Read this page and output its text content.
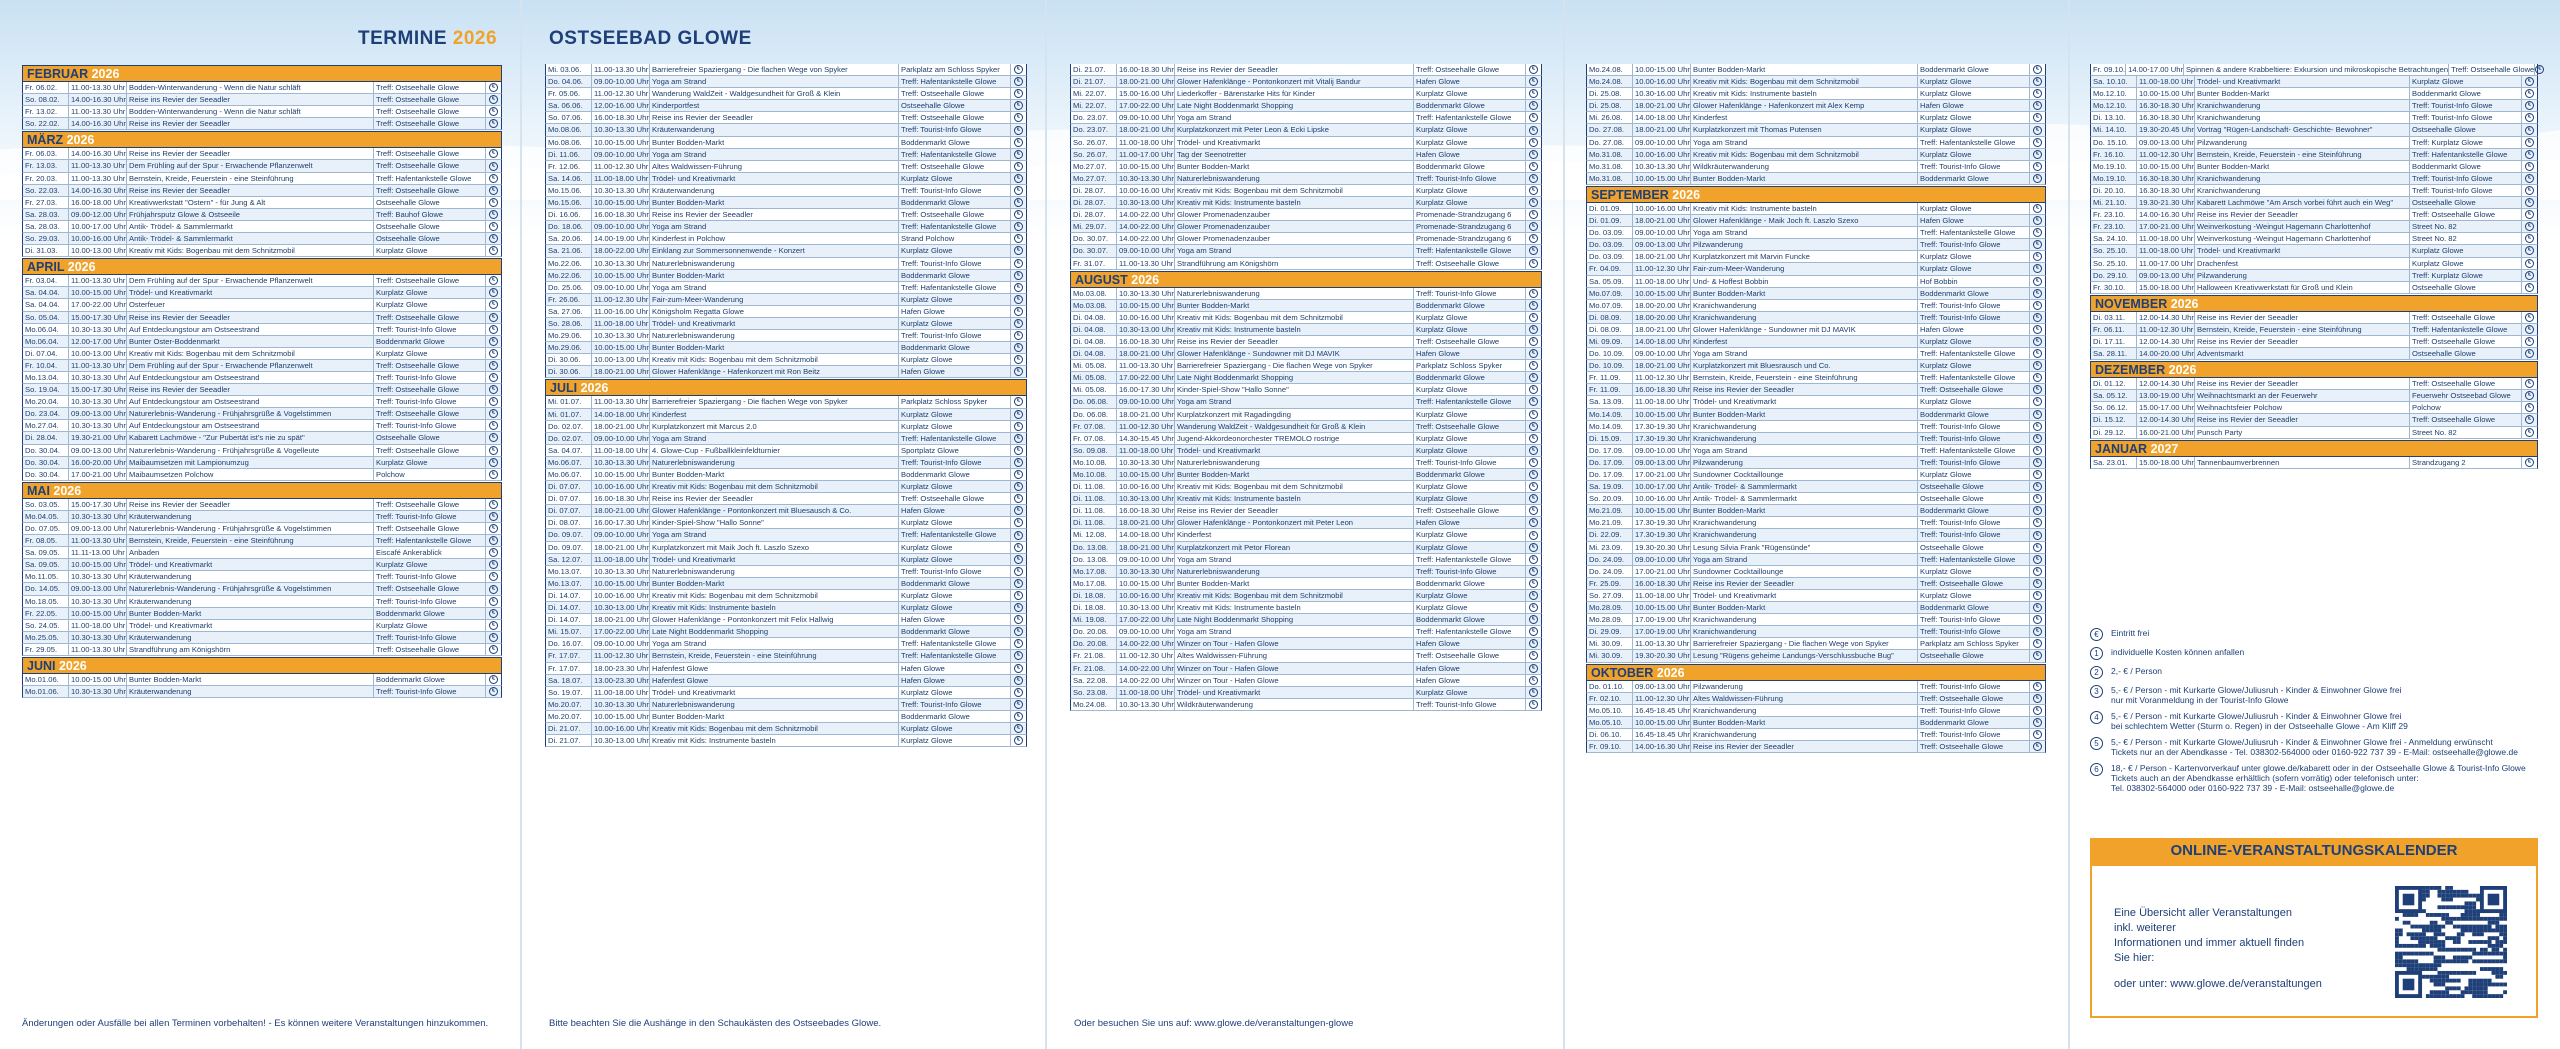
TERMINE 2026
FEBRUAR 2026
Fr. 06.02.	11.00-13.30 Uhr Bodden-Winterwanderung - Wenn die Natur schläft	Treff: Ostseehalle Glowe	€
So. 08.02.	14.00-16.30 Uhr Reise ins Revier der Seeadler	Treff: Ostseehalle Glowe	€
Fr. 13.02.	11.00-13.30 Uhr Bodden-Winterwanderung - Wenn die Natur schläft	Treff: Ostseehalle Glowe	€
So. 22.02.	14.00-16.30 Uhr Reise ins Revier der Seeadler	Treff: Ostseehalle Glowe	€
MÄRZ 2026
Fr. 06.03.	14.00-16.30 Uhr Reise ins Revier der Seeadler	Treff: Ostseehalle Glowe	€
Fr. 13.03.	11.00-13.30 Uhr Dem Frühling auf der Spur - Erwachende Pflanzenwelt	Treff: Ostseehalle Glowe	€
Fr. 20.03.	11.00-13.30 Uhr Bernstein, Kreide, Feuerstein - eine Steinführung	Treff: Hafentankstelle Glowe	€
So. 22.03.	14.00-16.30 Uhr Reise ins Revier der Seeadler	Treff: Ostseehalle Glowe	€
Fr. 27.03.	16.00-18.00 Uhr Kreativwerkstatt "Ostern" - für Jung & Alt	Ostseehalle Glowe	€
Sa. 28.03.	09.00-12.00 Uhr Frühjahrsputz Glowe & Ostseeile	Treff: Bauhof Glowe	€
Sa. 28.03.	10.00-17.00 Uhr Antik- Trödel- & Sammlermarkt	Ostseehalle Glowe	€
So. 29.03.	10.00-16.00 Uhr Antik- Trödel- & Sammlermarkt	Ostseehalle Glowe	€
Di. 31.03.	10.00-13.00 Uhr Kreativ mit Kids: Bogenbau mit dem Schnitzmobil	Kurplatz Glowe	€
APRIL 2026
Fr. 03.04.	11.00-13.30 Uhr Dem Frühling auf der Spur - Erwachende Pflanzenwelt	Treff: Ostseehalle Glowe	€
Sa. 04.04.	10.00-15.00 Uhr Trödel- und Kreativmarkt	Kurplatz Glowe	€
Sa. 04.04.	17.00-22.00 Uhr Osterfeuer	Kurplatz Glowe	€
So. 05.04.	15.00-17.30 Uhr Reise ins Revier der Seeadler	Treff: Ostseehalle Glowe	€
Mo.06.04.	10.30-13.30 Uhr Auf Entdeckungstour am Ostseestrand	Treff: Tourist-Info Glowe	€
Mo.06.04.	12.00-17.00 Uhr Bunter Oster-Boddenmarkt	Boddenmarkt Glowe	€
Di. 07.04.	10.00-13.00 Uhr Kreativ mit Kids: Bogenbau mit dem Schnitzmobil	Kurplatz Glowe	€
Fr. 10.04.	11.00-13.30 Uhr Dem Frühling auf der Spur - Erwachende Pflanzenwelt	Treff: Ostseehalle Glowe	€
Mo.13.04.	10.30-13.30 Uhr Auf Entdeckungstour am Ostseestrand	Treff: Tourist-Info Glowe	€
So. 19.04.	15.00-17.30 Uhr Reise ins Revier der Seeadler	Treff: Ostseehalle Glowe	€
Mo.20.04.	10.30-13.30 Uhr Auf Entdeckungstour am Ostseestrand	Treff: Tourist-Info Glowe	€
Do. 23.04.	09.00-13.00 Uhr Naturerlebnis-Wanderung - Frühjahrsgrüße & Vogelstimmen	Treff: Ostseehalle Glowe	€
Mo.27.04.	10.30-13.30 Uhr Auf Entdeckungstour am Ostseestrand	Treff: Tourist-Info Glowe	€
Di. 28.04.	19.30-21.00 Uhr Kabarett Lachmöwe - "Zur Pubertät ist's nie zu spät"	Ostseehalle Glowe	€
Do. 30.04.	09.00-13.00 Uhr Naturerlebnis-Wanderung - Frühjahrsgrüße & Vogelleute	Treff: Ostseehalle Glowe	€
Do. 30.04.	16.00-20.00 Uhr Maibaumsetzen mit Lampionumzug	Kurplatz Glowe	€
Do. 30.04.	17.00-21.00 Uhr Maibaumsetzen Polchow	Polchow	€
MAI 2026
So. 03.05.	15.00-17.30 Uhr Reise ins Revier der Seeadler	Treff: Ostseehalle Glowe	€
Mo.04.05.	10.30-13.30 Uhr Kräuterwanderung	Treff: Tourist-Info Glowe	€
Do. 07.05.	09.00-13.00 Uhr Naturerlebnis-Wanderung - Frühjahrsgrüße & Vogelstimmen	Treff: Ostseehalle Glowe	€
Fr. 08.05.	11.00-13.30 Uhr Bernstein, Kreide, Feuerstein - eine Steinführung	Treff: Hafentankstelle Glowe	€
Sa. 09.05.	11.11-13.00 Uhr Anbaden	Eiscafé Ankerablick	€
Sa. 09.05.	10.00-15.00 Uhr Trödel- und Kreativmarkt	Kurplatz Glowe	€
Mo.11.05.	10.30-13.30 Uhr Kräuterwanderung	Treff: Tourist-Info Glowe	€
Do. 14.05.	09.00-13.00 Uhr Naturerlebnis-Wanderung - Frühjahrsgrüße & Vogelstimmen	Treff: Ostseehalle Glowe	€
Mo.18.05.	10.30-13.30 Uhr Kräuterwanderung	Treff: Tourist-Info Glowe	€
Fr. 22.05.	10.00-15.00 Uhr Bunter Bodden-Markt	Boddenmarkt Glowe	€
So. 24.05.	11.00-18.00 Uhr Trödel- und Kreativmarkt	Kurplatz Glowe	€
Mo.25.05.	10.30-13.30 Uhr Kräuterwanderung	Treff: Tourist-Info Glowe	€
Fr. 29.05.	11.00-13.30 Uhr Strandführung am Königshörn	Treff: Ostseehalle Glowe	€
JUNI 2026
Mo.01.06.	10.00-15.00 Uhr Bunter Bodden-Markt	Boddenmarkt Glowe	€
Mo.01.06.	10.30-13.30 Uhr Kräuterwanderung	Treff: Tourist-Info Glowe	€
Änderungen oder Ausfälle bei allen Terminen vorbehalten! - Es können weitere Veranstaltungen hinzukommen.
OSTSEEBAD GLOWE
Mi. 03.06.	11.00-13.30 Uhr Barrierefreier Spaziergang - Die flachen Wege von Spyker	Parkplatz am Schloss Spyker	€
Do. 04.06.	09.00-10.00 Uhr Yoga am Strand	Treff: Hafentankstelle Glowe	€
Fr. 05.06.	11.00-12.30 Uhr Wanderung WaldZeit - Waldgesundheit für Groß & Klein	Treff: Ostseehalle Glowe	€
Sa. 06.06.	12.00-16.00 Uhr Kinderportfest	Ostseehalle Glowe	€
So. 07.06.	16.00-18.30 Uhr Reise ins Revier der Seeadler	Treff: Ostseehalle Glowe	€
Mo.08.06.	10.30-13.30 Uhr Kräuterwanderung	Treff: Tourist-Info Glowe	€
Mo.08.06.	10.00-15.00 Uhr Bunter Bodden-Markt	Boddenmarkt Glowe	€
Di. 11.06.	09.00-10.00 Uhr Yoga am Strand	Treff: Hafentankstelle Glowe	€
Fr. 12.06.	11.00-12.30 Uhr Altes Waldwissen-Führung	Treff: Ostseehalle Glowe	€
Sa. 14.06.	11.00-18.00 Uhr Trödel- und Kreativmarkt	Kurplatz Glowe	€
Mo.15.06.	10.30-13.30 Uhr Kräuterwanderung	Treff: Tourist-Info Glowe	€
Mo.15.06.	10.00-15.00 Uhr Bunter Bodden-Markt	Boddenmarkt Glowe	€
Di. 16.06.	16.00-18.30 Uhr Reise ins Revier der Seeadler	Treff: Ostseehalle Glowe	€
Do. 18.06.	09.00-10.00 Uhr Yoga am Strand	Treff: Hafentankstelle Glowe	€
Sa. 20.06.	14.00-19.00 Uhr Kinderfest in Polchow	Strand Polchow	€
Sa. 21.06.	18.00-22.00 Uhr Einklang zur Sommersonnenwende - Konzert	Kurplatz Glowe	€
Mo.22.06.	10.30-13.30 Uhr Naturerlebniswanderung	Treff: Tourist-Info Glowe	€
Mo.22.06.	10.00-15.00 Uhr Bunter Bodden-Markt	Boddenmarkt Glowe	€
Do. 25.06.	09.00-10.00 Uhr Yoga am Strand	Treff: Hafentankstelle Glowe	€
Fr. 26.06.	11.00-12.30 Uhr Fair-zum-Meer-Wanderung	Kurplatz Glowe	€
Sa. 27.06.	11.00-16.00 Uhr Königsholm Regatta Glowe	Hafen Glowe	€
So. 28.06.	11.00-18.00 Uhr Trödel- und Kreativmarkt	Kurplatz Glowe	€
Mo.29.06.	10.30-13.30 Uhr Naturerlebniswanderung	Treff: Tourist-Info Glowe	€
Mo.29.06.	10.00-15.00 Uhr Bunter Bodden-Markt	Boddenmarkt Glowe	€
Di. 30.06.	10.00-13.00 Uhr Kreativ mit Kids: Bogenbau mit dem Schnitzmobil	Kurplatz Glowe	€
Di. 30.06.	18.00-21.00 Uhr Glower Hafenklänge - Hafenkonzert mit Ron Beitz	Hafen Glowe	€
JULI 2026
Mi. 01.07.	11.00-13.30 Uhr Barrierefreier Spaziergang - Die flachen Wege von Spyker	Parkplatz Schloss Spyker	€
Mi. 01.07.	14.00-18.00 Uhr Kinderfest	Kurplatz Glowe	€
Do. 02.07.	18.00-21.00 Uhr Kurplatzkonzert mit Marcus 2.0	Kurplatz Glowe	€
Do. 02.07.	09.00-10.00 Uhr Yoga am Strand	Treff: Hafentankstelle Glowe	€
Sa. 04.07.	11.00-18.00 Uhr 4. Glowe-Cup - Fußballkleinfeldturnier	Sportplatz Glowe	€
Mo.06.07.	10.30-13.30 Uhr Naturerlebniswanderung	Treff: Tourist-Info Glowe	€
Mo.06.07.	10.00-15.00 Uhr Bunter Bodden-Markt	Boddenmarkt Glowe	€
Di. 07.07.	10.00-16.00 Uhr Kreativ mit Kids: Bogenbau mit dem Schnitzmobil	Kurplatz Glowe	€
Di. 07.07.	16.00-18.30 Uhr Reise ins Revier der Seeadler	Treff: Ostseehalle Glowe	€
Di. 07.07.	18.00-21.00 Uhr Glower Hafenklänge - Pontonkonzert mit Bluesausch & Co.	Hafen Glowe	€
Di. 08.07.	16.00-17.30 Uhr Kinder-Spiel-Show "Hallo Sonne"	Kurplatz Glowe	€
Do. 09.07.	09.00-10.00 Uhr Yoga am Strand	Treff: Hafentankstelle Glowe	€
Do. 09.07.	18.00-21.00 Uhr Kurplatzkonzert mit Maik Joch ft. Laszlo Szexo	Kurplatz Glowe	€
Sa. 12.07.	11.00-18.00 Uhr Trödel- und Kreativmarkt	Kurplatz Glowe	€
Mo.13.07.	10.30-13.30 Uhr Naturerlebniswanderung	Treff: Tourist-Info Glowe	€
Mo.13.07.	10.00-15.00 Uhr Bunter Bodden-Markt	Boddenmarkt Glowe	€
Di. 14.07.	10.00-16.00 Uhr Kreativ mit Kids: Bogenbau mit dem Schnitzmobil	Kurplatz Glowe	€
Di. 14.07.	10.30-13.00 Uhr Kreativ mit Kids: Instrumente basteln	Kurplatz Glowe	€
Di. 14.07.	18.00-21.00 Uhr Glower Hafenklänge - Pontonkonzert mit Felix Hallwig	Hafen Glowe	€
Mi. 15.07.	17.00-22.00 Uhr Late Night Boddenmarkt Shopping	Boddenmarkt Glowe	€
Do. 16.07.	09.00-10.00 Uhr Yoga am Strand	Treff: Hafentankstelle Glowe	€
Fr. 17.07.	11.00-12.30 Uhr Bernstein, Kreide, Feuerstein - eine Steinführung	Treff: Hafentankstelle Glowe	€
Fr. 17.07.	18.00-23.30 Uhr Hafenfest Glowe	Hafen Glowe	€
Sa. 18.07.	13.00-23.30 Uhr Hafenfest Glowe	Hafen Glowe	€
So. 19.07.	11.00-18.00 Uhr Trödel- und Kreativmarkt	Kurplatz Glowe	€
Mo.20.07.	10.30-13.30 Uhr Naturerlebniswanderung	Treff: Tourist-Info Glowe	€
Mo.20.07.	10.00-15.00 Uhr Bunter Bodden-Markt	Boddenmarkt Glowe	€
Di. 21.07.	10.00-16.00 Uhr Kreativ mit Kids: Bogenbau mit dem Schnitzmobil	Kurplatz Glowe	€
Di. 21.07.	10.30-13.00 Uhr Kreativ mit Kids: Instrumente basteln	Kurplatz Glowe	€
Bitte beachten Sie die Aushänge in den Schaukästen des Ostseebades Glowe.
Di. 21.07.	16.00-18.30 Uhr Reise ins Revier der Seeadler	Treff: Ostseehalle Glowe	€
Di. 21.07.	18.00-21.00 Uhr Glower Hafenklänge - Pontonkonzert mit Vitalij Bandur	Hafen Glowe	€
Mi. 22.07.	15.00-16.00 Uhr Liederkoffer - Bärenstarke Hits für Kinder	Kurplatz Glowe	€
Mi. 22.07.	17.00-22.00 Uhr Late Night Boddenmarkt Shopping	Boddenmarkt Glowe	€
Do. 23.07.	09.00-10.00 Uhr Yoga am Strand	Treff: Hafentankstelle Glowe	€
Do. 23.07.	18.00-21.00 Uhr Kurplatzkonzert mit Peter Leon & Ecki Lipske	Kurplatz Glowe	€
So. 26.07.	11.00-18.00 Uhr Trödel- und Kreativmarkt	Kurplatz Glowe	€
So. 26.07.	11.00-17.00 Uhr Tag der Seenotretter	Hafen Glowe	€
Mo.27.07.	10.00-15.00 Uhr Bunter Bodden-Markt	Boddenmarkt Glowe	€
Mo.27.07.	10.30-13.30 Uhr Naturerlebniswanderung	Treff: Tourist-Info Glowe	€
Di. 28.07.	10.00-16.00 Uhr Kreativ mit Kids: Bogenbau mit dem Schnitzmobil	Kurplatz Glowe	€
Di. 28.07.	10.30-13.00 Uhr Kreativ mit Kids: Instrumente basteln	Kurplatz Glowe	€
Di. 28.07.	14.00-22.00 Uhr Glower Promenadenzauber	Promenade-Strandzugang 6	€
Mi. 29.07.	14.00-22.00 Uhr Glower Promenadenzauber	Promenade-Strandzugang 6	€
Do. 30.07.	14.00-22.00 Uhr Glower Promenadenzauber	Promenade-Strandzugang 6	€
Do. 30.07.	09.00-10.00 Uhr Yoga am Strand	Treff: Hafentankstelle Glowe	€
Fr. 31.07.	11.00-13.30 Uhr Strandführung am Königshörn	Treff: Ostseehalle Glowe	€
AUGUST 2026
Mo.03.08.	10.30-13.30 Uhr Naturerlebniswanderung	Treff: Tourist-Info Glowe	€
Mo.03.08.	10.00-15.00 Uhr Bunter Bodden-Markt	Boddenmarkt Glowe	€
Di. 04.08.	10.00-16.00 Uhr Kreativ mit Kids: Bogenbau mit dem Schnitzmobil	Kurplatz Glowe	€
Di. 04.08.	10.30-13.00 Uhr Kreativ mit Kids: Instrumente basteln	Kurplatz Glowe	€
Di. 04.08.	16.00-18.30 Uhr Reise ins Revier der Seeadler	Treff: Ostseehalle Glowe	€
Di. 04.08.	18.00-21.00 Uhr Glower Hafenklänge - Sundowner mit DJ MAVIK	Hafen Glowe	€
Mi. 05.08.	11.00-13.30 Uhr Barrierefreier Spaziergang - Die flachen Wege von Spyker	Parkplatz Schloss Spyker	€
Mi. 05.08.	17.00-22.00 Uhr Late Night Boddenmarkt Shopping	Boddenmarkt Glowe	€
Mi. 05.08.	16.00-17.30 Uhr Kinder-Spiel-Show "Hallo Sonne"	Kurplatz Glowe	€
Do. 06.08.	09.00-10.00 Uhr Yoga am Strand	Treff: Hafentankstelle Glowe	€
Do. 06.08.	18.00-21.00 Uhr Kurplatzkonzert mit Ragadingding	Kurplatz Glowe	€
Fr. 07.08.	11.00-12.30 Uhr Wanderung WaldZeit - Waldgesundheit für Groß & Klein	Treff: Ostseehalle Glowe	€
Fr. 07.08.	14.30-15.45 Uhr Jugend-Akkordeonorchester TREMOLO rostrige	Kurplatz Glowe	€
So. 09.08.	11.00-18.00 Uhr Trödel- und Kreativmarkt	Kurplatz Glowe	€
Mo.10.08.	10.30-13.30 Uhr Naturerlebniswanderung	Treff: Tourist-Info Glowe	€
Mo.10.08.	10.00-15.00 Uhr Bunter Bodden-Markt	Boddenmarkt Glowe	€
Di. 11.08.	10.00-16.00 Uhr Kreativ mit Kids: Bogenbau mit dem Schnitzmobil	Kurplatz Glowe	€
Di. 11.08.	10.30-13.00 Uhr Kreativ mit Kids: Instrumente basteln	Kurplatz Glowe	€
Di. 11.08.	16.00-18.30 Uhr Reise ins Revier der Seeadler	Treff: Ostseehalle Glowe	€
Di. 11.08.	18.00-21.00 Uhr Glower Hafenklänge - Pontonkonzert mit Peter Leon	Hafen Glowe	€
Mi. 12.08.	14.00-18.00 Uhr Kinderfest	Kurplatz Glowe	€
Do. 13.08.	18.00-21.00 Uhr Kurplatzkonzert mit Petor Florean	Kurplatz Glowe	€
Do. 13.08.	09.00-10.00 Uhr Yoga am Strand	Treff: Hafentankstelle Glowe	€
Mo.17.08.	10.30-13.30 Uhr Naturerlebniswanderung	Treff: Tourist-Info Glowe	€
Mo.17.08.	10.00-15.00 Uhr Bunter Bodden-Markt	Boddenmarkt Glowe	€
Di. 18.08.	10.00-16.00 Uhr Kreativ mit Kids: Bogenbau mit dem Schnitzmobil	Kurplatz Glowe	€
Di. 18.08.	10.30-13.00 Uhr Kreativ mit Kids: Instrumente basteln	Kurplatz Glowe	€
Mi. 19.08.	17.00-22.00 Uhr Late Night Boddenmarkt Shopping	Boddenmarkt Glowe	€
Do. 20.08.	09.00-10.00 Uhr Yoga am Strand	Treff: Hafentankstelle Glowe	€
Do. 20.08.	14.00-22.00 Uhr Winzer on Tour - Hafen Glowe	Hafen Glowe	€
Fr. 21.08.	11.00-12.30 Uhr Altes Waldwissen-Führung	Treff: Ostseehalle Glowe	€
Fr. 21.08.	14.00-22.00 Uhr Winzer on Tour - Hafen Glowe	Hafen Glowe	€
Sa. 22.08.	14.00-22.00 Uhr Winzer on Tour - Hafen Glowe	Hafen Glowe	€
So. 23.08.	11.00-18.00 Uhr Trödel- und Kreativmarkt	Kurplatz Glowe	€
Mo.24.08.	10.30-13.30 Uhr Wildkräuterwanderung	Treff: Tourist-Info Glowe	€
Oder besuchen Sie uns auf: www.glowe.de/veranstaltungen-glowe
Mo.24.08.	10.00-15.00 Uhr Bunter Bodden-Markt	Boddenmarkt Glowe	€
Mo.24.08.	10.00-16.00 Uhr Kreativ mit Kids: Bogenbau mit dem Schnitzmobil	Kurplatz Glowe	€
Di. 25.08.	10.30-16.00 Uhr Kreativ mit Kids: Instrumente basteln	Kurplatz Glowe	€
Di. 25.08.	18.00-21.00 Uhr Glower Hafenklänge - Hafenkonzert mit Alex Kemp	Hafen Glowe	€
Mi. 26.08.	14.00-18.00 Uhr Kinderfest	Kurplatz Glowe	€
Do. 27.08.	18.00-21.00 Uhr Kurplatzkonzert mit Thomas Putensen	Kurplatz Glowe	€
Do. 27.08.	09.00-10.00 Uhr Yoga am Strand	Treff: Hafentankstelle Glowe	€
Mo.31.08.	10.00-16.00 Uhr Kreativ mit Kids: Bogenbau mit dem Schnitzmobil	Kurplatz Glowe	€
Mo.31.08.	10.30-13.30 Uhr Wildkräuterwanderung	Treff: Tourist-Info Glowe	€
Mo.31.08.	10.00-15.00 Uhr Bunter Bodden-Markt	Boddenmarkt Glowe	€
SEPTEMBER 2026
Di. 01.09.	10.00-16.00 Uhr Kreativ mit Kids: Instrumente basteln	Kurplatz Glowe	€
Di. 01.09.	18.00-21.00 Uhr Glower Hafenklänge - Maik Joch ft. Laszlo Szexo	Hafen Glowe	€
Do. 03.09.	09.00-10.00 Uhr Yoga am Strand	Treff: Hafentankstelle Glowe	€
Do. 03.09.	09.00-13.00 Uhr Pilzwanderung	Treff: Tourist-Info Glowe	€
Do. 03.09.	18.00-21.00 Uhr Kurplatzkonzert mit Marvin Funcke	Kurplatz Glowe	€
Fr. 04.09.	11.00-12.30 Uhr Fair-zum-Meer-Wanderung	Kurplatz Glowe	€
Sa. 05.09.	11.00-18.00 Uhr Und- & Hoffest Bobbin	Hof Bobbin	€
Mo.07.09.	10.00-15.00 Uhr Bunter Bodden-Markt	Boddenmarkt Glowe	€
Mo.07.09.	18.00-20.00 Uhr Kranichwanderung	Treff: Tourist-Info Glowe	€
Di. 08.09.	18.00-20.00 Uhr Kranichwanderung	Treff: Tourist-Info Glowe	€
Di. 08.09.	18.00-21.00 Uhr Glower Hafenklänge - Sundowner mit DJ MAVIK	Hafen Glowe	€
Mi. 09.09.	14.00-18.00 Uhr Kinderfest	Kurplatz Glowe	€
Do. 10.09.	09.00-10.00 Uhr Yoga am Strand	Treff: Hafentankstelle Glowe	€
Do. 10.09.	18.00-21.00 Uhr Kurplatzkonzert mit Bluesrausch und Co.	Kurplatz Glowe	€
Fr. 11.09.	11.00-12.30 Uhr Bernstein, Kreide, Feuerstein - eine Steinführung	Treff: Hafentankstelle Glowe	€
Fr. 11.09.	16.00-18.30 Uhr Reise ins Revier der Seeadler	Treff: Ostseehalle Glowe	€
Sa. 13.09.	11.00-18.00 Uhr Trödel- und Kreativmarkt	Kurplatz Glowe	€
Mo.14.09.	10.00-15.00 Uhr Bunter Bodden-Markt	Boddenmarkt Glowe	€
Mo.14.09.	17.30-19.30 Uhr Kranichwanderung	Treff: Tourist-Info Glowe	€
Di. 15.09.	17.30-19.30 Uhr Kranichwanderung	Treff: Tourist-Info Glowe	€
Do. 17.09.	09.00-10.00 Uhr Yoga am Strand	Treff: Hafentankstelle Glowe	€
Do. 17.09.	09.00-13.00 Uhr Pilzwanderung	Treff: Tourist-Info Glowe	€
Do. 17.09.	17.00-21.00 Uhr Sundowner Cocktaillounge	Kurplatz Glowe	€
Sa. 19.09.	10.00-17.00 Uhr Antik- Trödel- & Sammlermarkt	Ostseehalle Glowe	€
So. 20.09.	10.00-16.00 Uhr Antik- Trödel- & Sammlermarkt	Ostseehalle Glowe	€
Mo.21.09.	10.00-15.00 Uhr Bunter Bodden-Markt	Boddenmarkt Glowe	€
Mo.21.09.	17.30-19.30 Uhr Kranichwanderung	Treff: Tourist-Info Glowe	€
Di. 22.09.	17.30-19.30 Uhr Kranichwanderung	Treff: Tourist-Info Glowe	€
Mi. 23.09.	19.30-20.30 Uhr Lesung Silvia Frank "Rügensünde"	Ostseehalle Glowe	€
Do. 24.09.	09.00-10.00 Uhr Yoga am Strand	Treff: Hafentankstelle Glowe	€
Do. 24.09.	17.00-21.00 Uhr Sundowner Cocktaillounge	Kurplatz Glowe	€
Fr. 25.09.	16.00-18.30 Uhr Reise ins Revier der Seeadler	Treff: Ostseehalle Glowe	€
So. 27.09.	11.00-18.00 Uhr Trödel- und Kreativmarkt	Kurplatz Glowe	€
Mo.28.09.	10.00-15.00 Uhr Bunter Bodden-Markt	Boddenmarkt Glowe	€
Mo.28.09.	17.00-19.00 Uhr Kranichwanderung	Treff: Tourist-Info Glowe	€
Di. 29.09.	17.00-19.00 Uhr Kranichwanderung	Treff: Tourist-Info Glowe	€
Mi. 30.09.	11.00-13.30 Uhr Barrierefreier Spaziergang - Die flachen Wege von Spyker	Parkplatz am Schloss Spyker	€
Mi. 30.09.	19.30-20.30 Uhr Lesung "Rügens geheime Landungs-Verschlussbuche Bug"	Ostseehalle Glowe	€
OKTOBER 2026
Do. 01.10.	09.00-13.00 Uhr Pilzwanderung	Treff: Tourist-Info Glowe	€
Fr. 02.10.	11.00-12.30 Uhr Altes Waldwissen-Führung	Treff: Ostseehalle Glowe	€
Mo.05.10.	16.45-18.45 Uhr Kranichwanderung	Treff: Tourist-Info Glowe	€
Mo.05.10.	10.00-15.00 Uhr Bunter Bodden-Markt	Boddenmarkt Glowe	€
Di. 06.10.	16.45-18.45 Uhr Kranichwanderung	Treff: Tourist-Info Glowe	€
Fr. 09.10.	14.00-16.30 Uhr Reise ins Revier der Seeadler	Treff: Ostseehalle Glowe	€
Fr. 09.10. 14.00-17.00 Uhr Spinnen & andere Krabbeltiere: Exkursion und mikroskopische Betrachtungen Treff: Ostseehalle Glowe €
Sa. 10.10.	11.00-18.00 Uhr Trödel- und Kreativmarkt	Kurplatz Glowe	€
Mo.12.10.	10.00-15.00 Uhr Bunter Bodden-Markt	Boddenmarkt Glowe	€
Mo.12.10.	16.30-18.30 Uhr Kranichwanderung	Treff: Tourist-Info Glowe	€
Di. 13.10.	16.30-18.30 Uhr Kranichwanderung	Treff: Tourist-Info Glowe	€
Mi. 14.10.	19.30-20.45 Uhr Vortrag "Rügen-Landschaft- Geschichte- Bewohner"	Ostseehalle Glowe	€
Do. 15.10.	09.00-13.00 Uhr Pilzwanderung	Treff: Kurplatz Glowe	€
Fr. 16.10.	11.00-12.30 Uhr Bernstein, Kreide, Feuerstein - eine Steinführung	Treff: Hafentankstelle Glowe	€
Mo.19.10.	10.00-15.00 Uhr Bunter Bodden-Markt	Boddenmarkt Glowe	€
Mo.19.10.	16.30-18.30 Uhr Kranichwanderung	Treff: Tourist-Info Glowe	€
Di. 20.10.	16.30-18.30 Uhr Kranichwanderung	Treff: Tourist-Info Glowe	€
Mi. 21.10.	19.30-21.30 Uhr Kabarett Lachmöwe "Am Arsch vorbei führt auch ein Weg"	Ostseehalle Glowe	€
Fr. 23.10.	14.00-16.30 Uhr Reise ins Revier der Seeadler	Treff: Ostseehalle Glowe	€
Fr. 23.10.	17.00-21.00 Uhr Weinverkostung -Weingut Hagemann Charlottenhof	Street No. 82	€
Sa. 24.10.	11.00-18.00 Uhr Weinverkostung -Weingut Hagemann Charlottenhof	Street No. 82	€
So. 25.10.	11.00-18.00 Uhr Trödel- und Kreativmarkt	Kurplatz Glowe	€
So. 25.10.	11.00-17.00 Uhr Drachenfest	Kurplatz Glowe	€
Do. 29.10.	09.00-13.00 Uhr Pilzwanderung	Treff: Kurplatz Glowe	€
Fr. 30.10.	15.00-18.00 Uhr Halloween Kreativwerkstatt für Groß und Klein	Ostseehalle Glowe	€
NOVEMBER 2026
Di. 03.11.	12.00-14.30 Uhr Reise ins Revier der Seeadler	Treff: Ostseehalle Glowe	€
Fr. 06.11.	11.00-12.30 Uhr Bernstein, Kreide, Feuerstein - eine Steinführung	Treff: Hafentankstelle Glowe	€
Di. 17.11.	12.00-14.30 Uhr Reise ins Revier der Seeadler	Treff: Ostseehalle Glowe	€
Sa. 28.11.	14.00-20.00 Uhr Adventsmarkt	Ostseehalle Glowe	€
DEZEMBER 2026
Di. 01.12.	12.00-14.30 Uhr Reise ins Revier der Seeadler	Treff: Ostseehalle Glowe	€
Sa. 05.12.	13.00-19.00 Uhr Weihnachtsmarkt an der Feuerwehr	Feuerwehr Ostseebad Glowe	€
So. 06.12.	15.00-17.00 Uhr Weihnachtsfeier Polchow	Polchow	€
Di. 15.12.	12.00-14.30 Uhr Reise ins Revier der Seeadler	Treff: Ostseehalle Glowe	€
Di. 29.12.	16.00-21.00 Uhr Punsch Party	Street No. 82	€
JANUAR 2027
Sa. 23.01.	15.00-18.00 Uhr Tannenbaumverbrennen	Strandzugang 2	€
€	Eintritt frei
1	individuelle Kosten können anfallen
2	2,- € / Person
3	5,- € / Person - mit Kurkarte Glowe/Juliusruh - Kinder & Einwohner Glowe frei
nur mit Voranmeldung in der Tourist-Info Glowe
4	5,- € / Person - mit Kurkarte Glowe/Juliusruh - Kinder & Einwohner Glowe frei
bei schlechtem Wetter (Sturm o. Regen) in der Ostseehalle Glowe - Am Kliff 29
5	5,- € / Person - mit Kurkarte Glowe/Juliusruh - Kinder & Einwohner Glowe frei - Anmeldung erwünscht
Tickets nur an der Abendkasse - Tel. 038302-564000 oder 0160-922 737 39 - E-Mail: ostseehalle@glowe.de
6	18,- € / Person - Kartenvorverkauf unter glowe.de/kabarett oder in der Ostseehalle Glowe & Tourist-Info Glowe
Tickets auch an der Abendkasse erhältlich (sofern vorrätig) oder telefonisch unter:
Tel. 038302-564000 oder 0160-922 737 39 - E-Mail: ostseehalle@glowe.de
ONLINE-VERANSTALTUNGSKALENDER
Eine Übersicht aller Veranstaltungen inkl. weiterer
Informationen und immer aktuell finden Sie hier:
oder unter: www.glowe.de/veranstaltungen
